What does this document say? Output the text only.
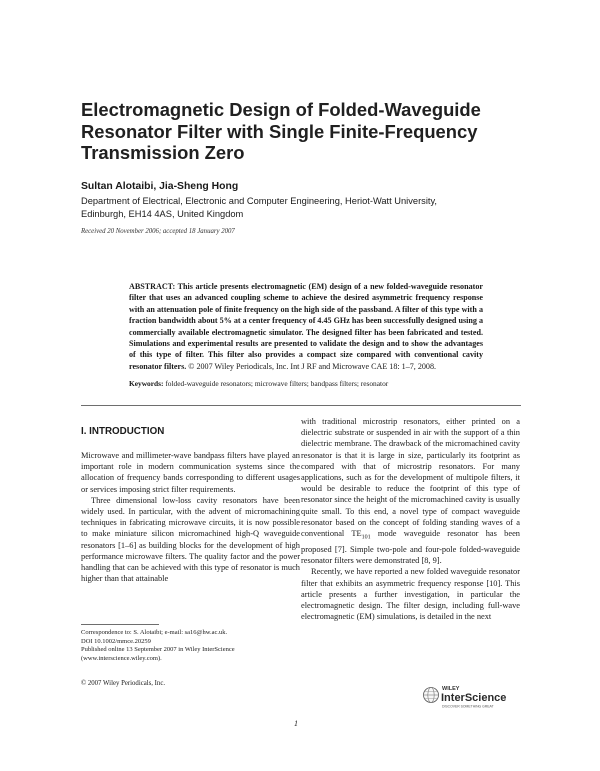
Electromagnetic Design of Folded-Waveguide Resonator Filter with Single Finite-Frequency Transmission Zero

Sultan Alotaibi, Jia-Sheng Hong

Department of Electrical, Electronic and Computer Engineering, Heriot-Watt University,
Edinburgh, EH14 4AS, United Kingdom

Received 20 November 2006; accepted 18 January 2007

ABSTRACT: This article presents electromagnetic (EM) design of a new folded-waveguide resonator filter that uses an advanced coupling scheme to achieve the desired asymmetric frequency response with an attenuation pole of finite frequency on the high side of the passband. A filter of this type with a fraction bandwidth about 5% at a center frequency of 4.45 GHz has been successfully designed using a commercially available electromagnetic simulator. The designed filter has been fabricated and tested. Simulations and experimental results are presented to validate the design and to show the advantages of this type of filter. This filter also provides a compact size compared with conventional cavity resonator filters. © 2007 Wiley Periodicals, Inc. Int J RF and Microwave CAE 18: 1–7, 2008.

Keywords: folded-waveguide resonators; microwave filters; bandpass filters; resonator

I. INTRODUCTION

Microwave and millimeter-wave bandpass filters have played an important role in modern communication systems since the allocation of frequency bands corresponding to different usages or services imposing strict filter requirements.

Three dimensional low-loss cavity resonators have been widely used. In particular, with the advent of micromachining techniques in fabricating microwave circuits, it is now possible to make miniature silicon micromachined high-Q waveguide resonators [1–6] as building blocks for the development of high performance microwave filters. The quality factor and the power handling that can be achieved with this type of resonator is much higher than that attainable

with traditional microstrip resonators, either printed on a dielectric substrate or suspended in air with the support of a thin dielectric membrane. The drawback of the micromachined cavity resonator is that it is large in size, particularly its footprint as compared with that of microstrip resonators. For many applications, such as for the development of multipole filters, it would be desirable to reduce the footprint of this type of resonator since the height of the micromachined cavity is usually quite small. To this end, a novel type of compact waveguide resonator based on the concept of folding standing waves of a conventional $TE_{101}$ mode waveguide resonator has been proposed [7]. Simple two-pole and four-pole folded-waveguide resonator filters were demonstrated [8, 9].

Recently, we have reported a new folded waveguide resonator filter that exhibits an asymmetric frequency response [10]. This article presents a further investigation, in particular the electromagnetic design. The filter design, including full-wave electromagnetic (EM) simulations, is detailed in the next

Correspondence to: S. Alotaibi; e-mail: sa16@hw.ac.uk.
DOI 10.1002/mmce.20259
Published online 13 September 2007 in Wiley InterScience
(www.interscience.wiley.com).

© 2007 Wiley Periodicals, Inc.

1

WILEY
InterScience
DISCOVER SOMETHING GREAT
